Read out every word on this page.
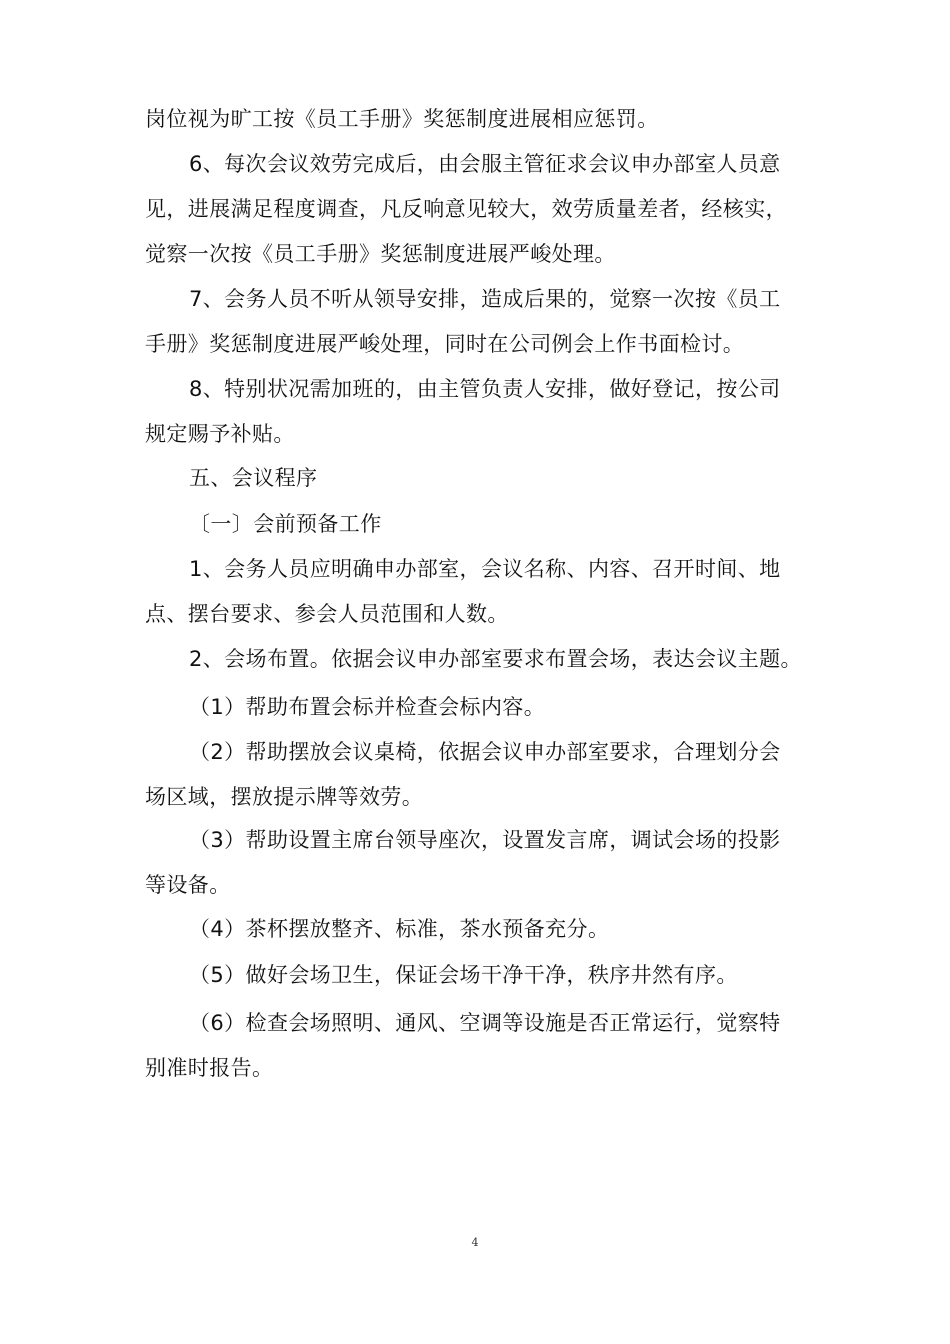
岗位视为旷工按《员工手册》奖惩制度进展相应惩罚。
6、每次会议效劳完成后，由会服主管征求会议申办部室人员意
见，进展满足程度调查，凡反响意见较大，效劳质量差者，经核实，
觉察一次按《员工手册》奖惩制度进展严峻处理。
7、会务人员不听从领导安排，造成后果的，觉察一次按《员工
手册》奖惩制度进展严峻处理，同时在公司例会上作书面检讨。
8、特别状况需加班的，由主管负责人安排，做好登记，按公司
规定赐予补贴。
五、会议程序
〔一〕会前预备工作
1、会务人员应明确申办部室，会议名称、内容、召开时间、地
点、摆台要求、参会人员范围和人数。
2、会场布置。依据会议申办部室要求布置会场，表达会议主题。
（1）帮助布置会标并检查会标内容。
（2）帮助摆放会议桌椅，依据会议申办部室要求，合理划分会
场区域，摆放提示牌等效劳。
（3）帮助设置主席台领导座次，设置发言席，调试会场的投影
等设备。
（4）茶杯摆放整齐、标准，茶水预备充分。
（5）做好会场卫生，保证会场干净干净，秩序井然有序。
（6）检查会场照明、通风、空调等设施是否正常运行，觉察特
别准时报告。
4
